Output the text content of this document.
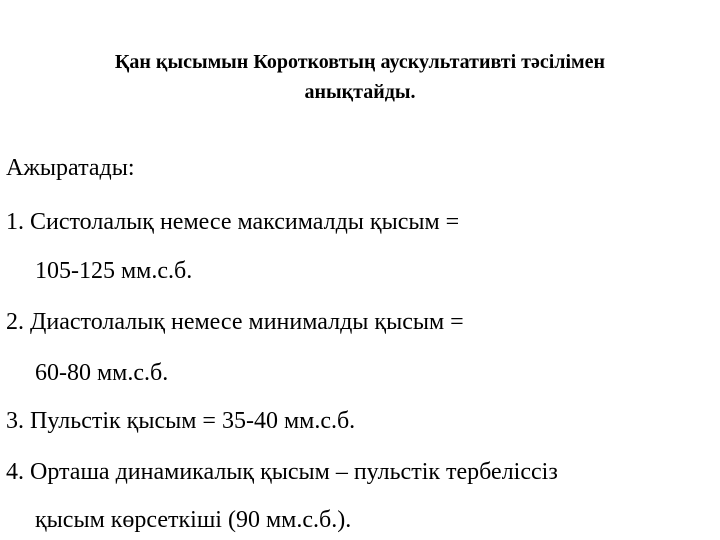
Қан қысымын Коротковтың аускультативті тәсілімен
анықтайды.
Ажыратады:
1. Систолалық немесе максималды қысым =
105-125 мм.с.б.
2. Диастолалық немесе минималды қысым =
60-80 мм.с.б.
3. Пульстік қысым = 35-40 мм.с.б.
4. Орташа динамикалық қысым – пульстік тербеліссіз
қысым көрсеткіші (90 мм.с.б.).
